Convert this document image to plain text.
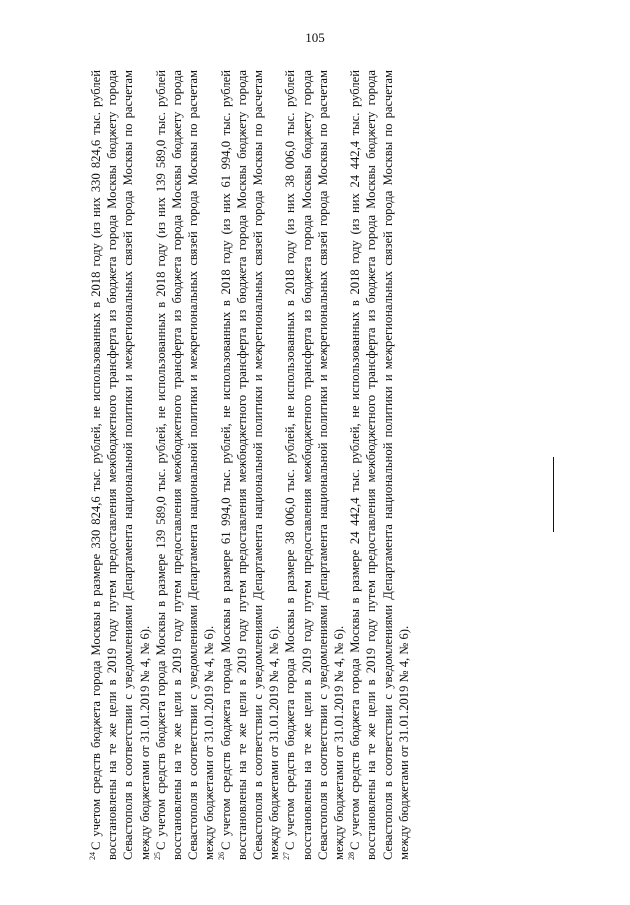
105

$^{24}$С учетом средств бюджета города Москвы в размере 330 824,6 тыс. рублей, не использованных в 2018 году (из них 330 824,6 тыс. рублей восстановлены на те же цели в 2019 году путем предоставления межбюджетного трансферта из бюджета города Москвы бюджету города Севастополя в соответствии с уведомлениями Департамента национальной политики и межрегиональных связей города Москвы по расчетам между бюджетами от 31.01.2019 № 4, № 6). $^{25}$С учетом средств бюджета города Москвы в размере 139 589,0 тыс. рублей, не использованных в 2018 году (из них 139 589,0 тыс. рублей восстановлены на те же цели в 2019 году путем предоставления межбюджетного трансферта из бюджета города Москвы бюджету города Севастополя в соответствии с уведомлениями Департамента национальной политики и межрегиональных связей города Москвы по расчетам между бюджетами от 31.01.2019 № 4, № 6). $^{26}$С учетом средств бюджета города Москвы в размере 61 994,0 тыс. рублей, не использованных в 2018 году (из них 61 994,0 тыс. рублей восстановлены на те же цели в 2019 году путем предоставления межбюджетного трансферта из бюджета города Москвы бюджету города Севастополя в соответствии с уведомлениями Департамента национальной политики и межрегиональных связей города Москвы по расчетам между бюджетами от 31.01.2019 № 4, № 6). $^{27}$С учетом средств бюджета города Москвы в размере 38 006,0 тыс. рублей, не использованных в 2018 году (из них 38 006,0 тыс. рублей восстановлены на те же цели в 2019 году путем предоставления межбюджетного трансферта из бюджета города Москвы бюджету города Севастополя в соответствии с уведомлениями Департамента национальной политики и межрегиональных связей города Москвы по расчетам между бюджетами от 31.01.2019 № 4, № 6). $^{28}$С учетом средств бюджета города Москвы в размере 24 442,4 тыс. рублей, не использованных в 2018 году (из них 24 442,4 тыс. рублей восстановлены на те же цели в 2019 году путем предоставления межбюджетного трансферта из бюджета города Москвы бюджету города Севастополя в соответствии с уведомлениями Департамента национальной политики и межрегиональных связей города Москвы по расчетам между бюджетами от 31.01.2019 № 4, № 6).
